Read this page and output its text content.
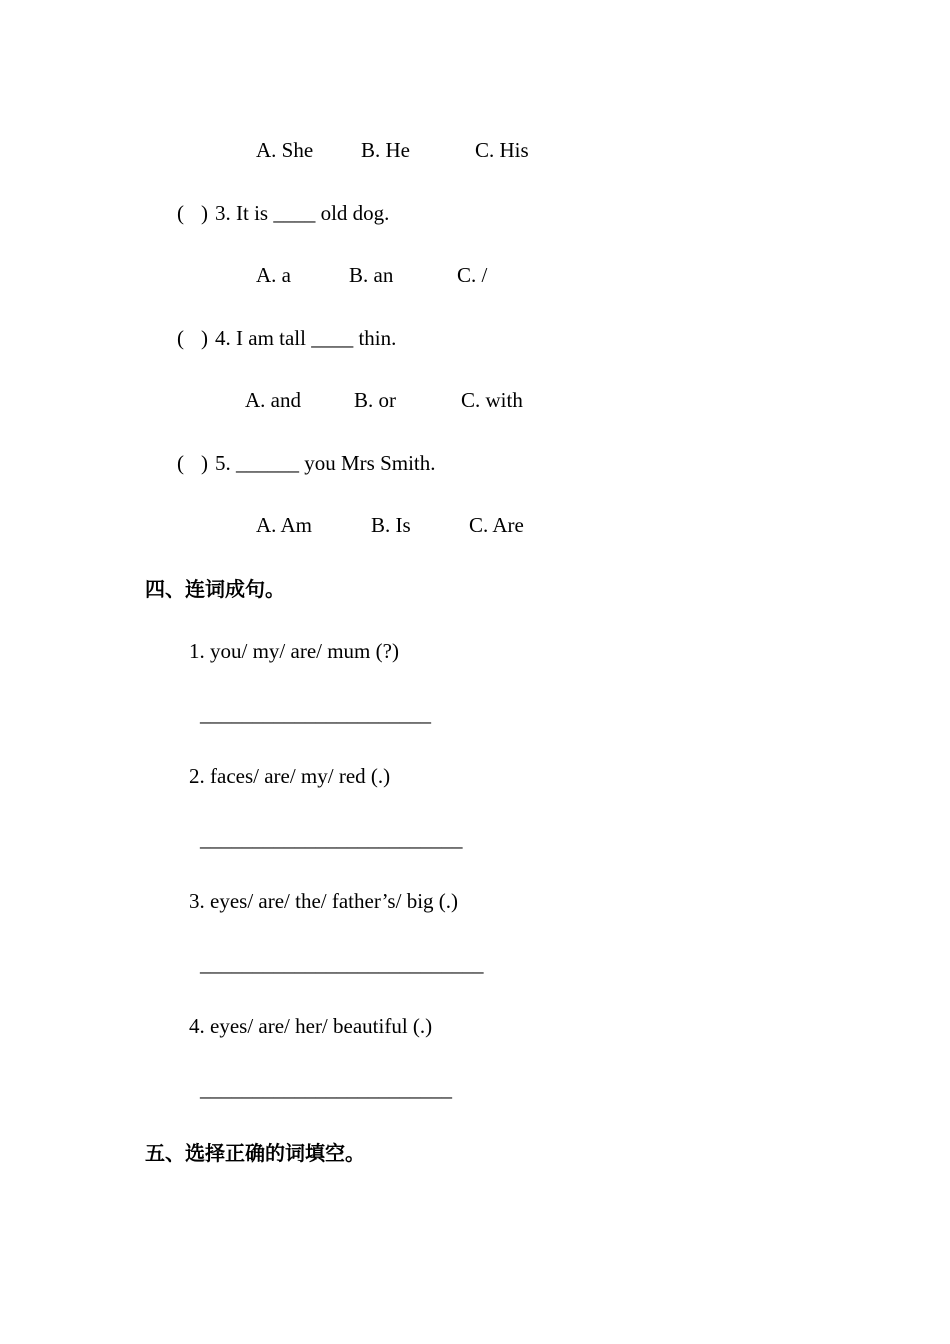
A. She B. He	C. His
( ) 3. It is ____ old dog.
A. a	B. an	C. /
( ) 4. I am tall ____ thin.
A. and	B. or	C. with
( ) 5. ______ you Mrs Smith.
A. Am	B. Is	C. Are
四、连词成句。
1. you/ my/ are/ mum (?)
______________________
2. faces/ are/ my/ red (.)
_________________________
3. eyes/ are/ the/ father’s/ big (.)
___________________________
4. eyes/ are/ her/ beautiful (.)
________________________
五、选择正确的词填空。
